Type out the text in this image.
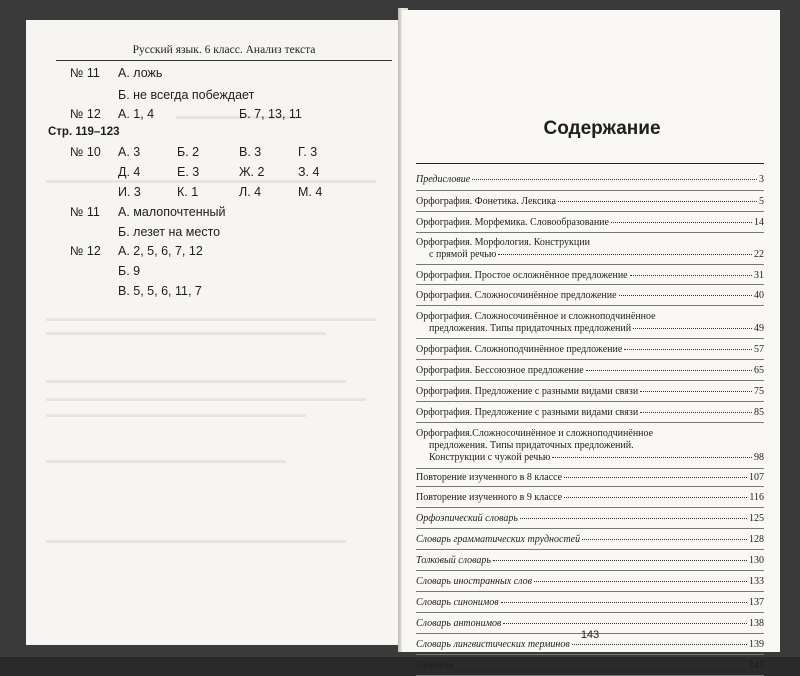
Русский язык. 6 класс. Анализ текста
№ 11 А. ложь
Б. не всегда побеждает
№ 12 А. 1, 4	Б. 7, 13, 11
Стр. 119–123
№ 10 А. 3	Б. 2	В. 3	Г. 3
Д. 4	Е. 3	Ж. 2	З. 4
И. 3	К. 1	Л. 4	М. 4
№ 11 А. малопочтенный
Б. лезет на место
№ 12 А. 2, 5, 6, 7, 12
Б. 9
В. 5, 5, 6, 11, 7
Содержание
Предисловие	3
Орфография. Фонетика. Лексика	5
Орфография. Морфемика. Словообразование	14
Орфография. Морфология. Конструкции
с прямой речью	22
Орфография. Простое осложнённое предложение	31
Орфография. Сложносочинённое предложение	40
Орфография. Сложносочинённое и сложноподчинённое
предложения. Типы придаточных предложений	49
Орфография. Сложноподчинённое предложение	57
Орфография. Бессоюзное предложение	65
Орфография. Предложение с разными видами связи	75
Орфография. Предложение с разными видами связи	85
Орфография.Сложносочинённое и сложноподчинённое
предложения. Типы придаточных предложений.
Конструкции с чужой речью	98
Повторение изученного в 8 классе	107
Повторение изученного в 9 классе	116
Орфоэпический словарь	125
Словарь грамматических трудностей	128
Толковый словарь	130
Словарь иностранных слов	133
Словарь синонимов	137
Словарь антонимов	138
Словарь лингвистических терминов	139
Ответы	141
143
